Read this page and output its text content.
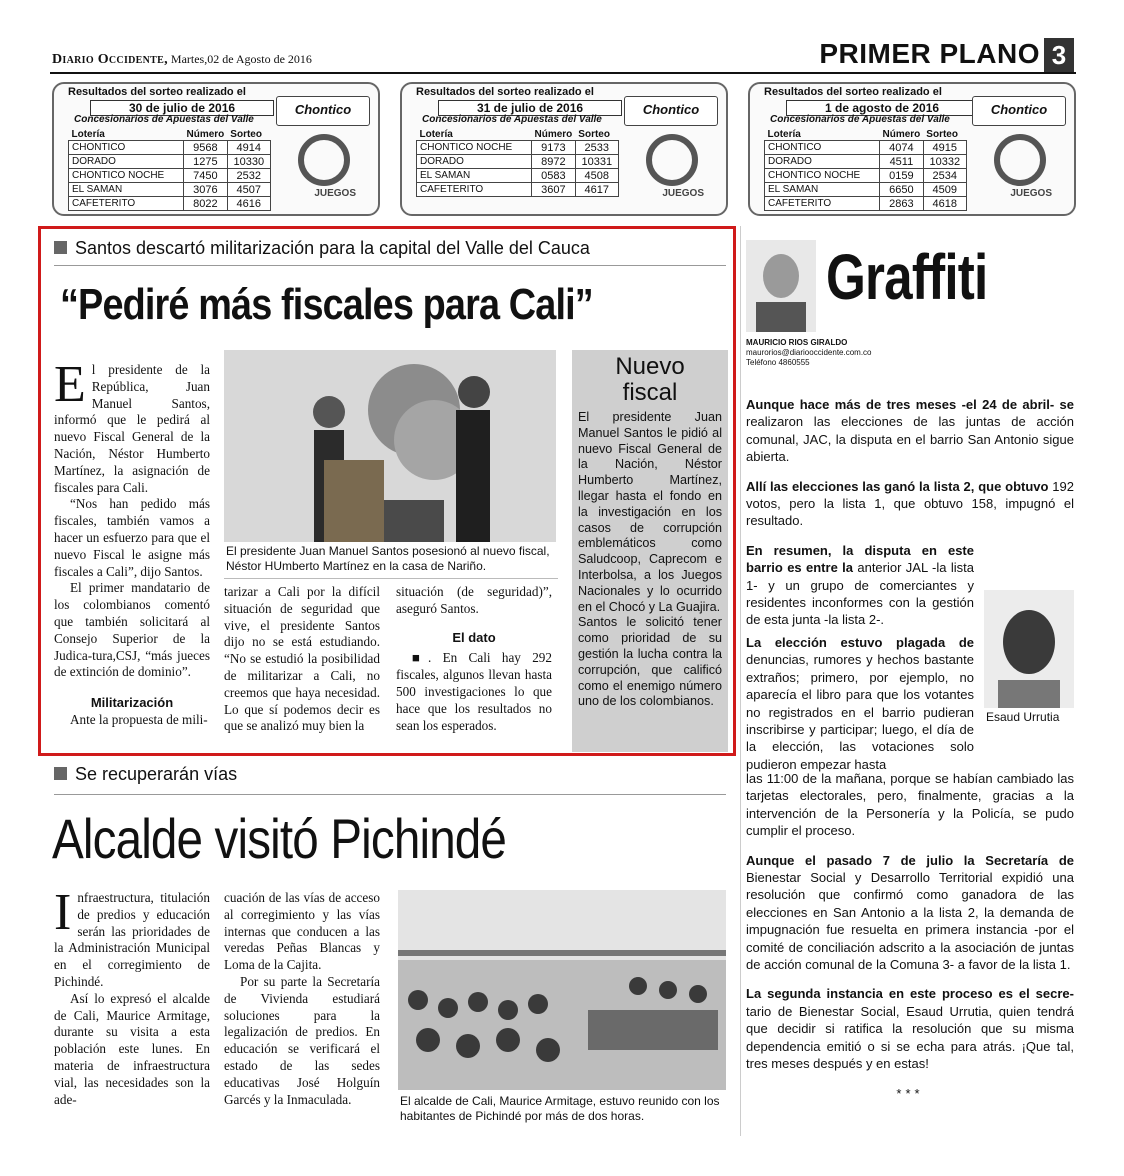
Diario Occidente, Martes,02 de Agosto de 2016	PRIMER PLANO 3
Resultados del sorteo realizado el
30 de julio de 2016
Concesionarios de Apuestas del Valle
Chontico
JUEGOS
Lotería	Número	Sorteo
CHONTICO	9568	4914
DORADO	1275	10330
CHONTICO NOCHE	7450	2532
EL SAMAN	3076	4507
CAFETERITO	8022	4616
Resultados del sorteo realizado el
31 de julio de 2016
Concesionarios de Apuestas del Valle
Chontico
JUEGOS
Lotería	Número	Sorteo
CHONTICO NOCHE	9173	2533
DORADO	8972	10331
EL SAMAN	0583	4508
CAFETERITO	3607	4617
Resultados del sorteo realizado el
1 de agosto de 2016
Concesionarios de Apuestas del Valle
Chontico
JUEGOS
Lotería	Número	Sorteo
CHONTICO	4074	4915
DORADO	4511	10332
CHONTICO NOCHE	0159	2534
EL SAMAN	6650	4509
CAFETERITO	2863	4618
Santos descartó militarización para la capital del Valle del Cauca
“Pediré más fiscales para Cali”
E l presidente de la República, Juan Manuel Santos, informó que le pedirá al nuevo Fiscal General de la Nación, Néstor Humberto Martínez, la asignación de fiscales para Cali.

“Nos han pedido más fiscales, también vamos a hacer un esfuerzo para que el nuevo Fiscal le asigne más fiscales a Cali”, dijo Santos.

El primer mandatario de los colombianos comentó que también solicitará al Consejo Superior de la Judica-tura,CSJ, “más jueces de extinción de dominio”.

Militarización

Ante la propuesta de mili-

El presidente Juan Manuel Santos posesionó al nuevo fiscal, Néstor HUmberto Martínez en la casa de Nariño.

tarizar a Cali por la difícil situación de seguridad que vive, el presidente Santos dijo no se está estudiando. “No se estudió la posibilidad de militarizar a Cali, no creemos que haya necesidad. Lo que sí podemos decir es que se analizó muy bien la

situación (de seguridad)”, aseguró Santos.

El dato

■. En Cali hay 292 fiscales, algunos llevan hasta 500 investigaciones lo que hace que los resultados no sean los esperados.

Nuevo
fiscal
El presidente Juan Manuel Santos le pidió al nuevo Fiscal General de la Nación, Néstor Humberto Martínez, llegar hasta el fondo en la investigación en los casos de corrupción emblemáticos como Saludcoop, Caprecom e Interbolsa, a los Juegos Nacionales y lo ocurrido en el Chocó y La Guajira.
Santos le solicitó tener como prioridad de su gestión la lucha contra la corrupción, que calificó como el enemigo número uno de los colombianos.
Se recuperarán vías
Alcalde visitó Pichindé
I nfraestructura, titulación de predios y educación serán las prioridades de la Administración Municipal en el corregimiento de Pichindé.

Así lo expresó el alcalde de Cali, Maurice Armitage, durante su visita a esta población este lunes. En materia de infraestructura vial, las necesidades son la ade-

cuación de las vías de acceso al corregimiento y las vías internas que conducen a las veredas Peñas Blancas y Loma de la Cajita.

Por su parte la Secretaría de Vivienda estudiará soluciones para la legalización de predios. En educación se verificará el estado de las sedes educativas José Holguín Garcés y la Inmaculada.	El alcalde de Cali, Maurice Armitage, estuvo reunido con los habitantes de Pichindé por más de dos horas.
Graffiti
MAURICIO RIOS GIRALDO
maurorios@diariooccidente.com.co
Teléfono 4860555

Aunque hace más de tres meses -el 24 de abril- se realizaron las elecciones de las juntas de acción comunal, JAC, la disputa en el barrio San Antonio sigue abierta.

Allí las elecciones las ganó la lista 2, que obtuvo 192 votos, pero la lista 1, que obtuvo 158, impugnó el resultado.

En resumen, la disputa en este barrio es entre la anterior JAL -la lista 1- y un grupo de comerciantes y residentes inconformes con la gestión de esta junta -la lista 2-.

Esaud Urrutia

La elección estuvo plagada de denuncias, rumores y hechos bastante extraños; primero, por ejemplo, no aparecía el libro para que los votantes no registrados en el barrio pudieran inscribirse y participar; luego, el día de la elección, las votaciones solo pudieron empezar hasta

las 11:00 de la mañana, porque se habían cambiado las tarjetas electorales, pero, finalmente, gracias a la intervención de la Personería y la Policía, se pudo cumplir el proceso.

Aunque el pasado 7 de julio la Secretaría de Bienestar Social y Desarrollo Territorial expidió una resolución que confirmó como ganadora de las elecciones en San Antonio a la lista 2, la demanda de impugnación fue resuelta en primera instancia -por el comité de conciliación adscrito a la asociación de juntas de acción comunal de la Comuna 3- a favor de la lista 1.

La segunda instancia en este proceso es el secre- tario de Bienestar Social, Esaud Urrutia, quien tendrá que decidir si ratifica la resolución que su misma dependencia emitió o si se echa para atrás. ¡Que tal, tres meses después y en estas!

***
